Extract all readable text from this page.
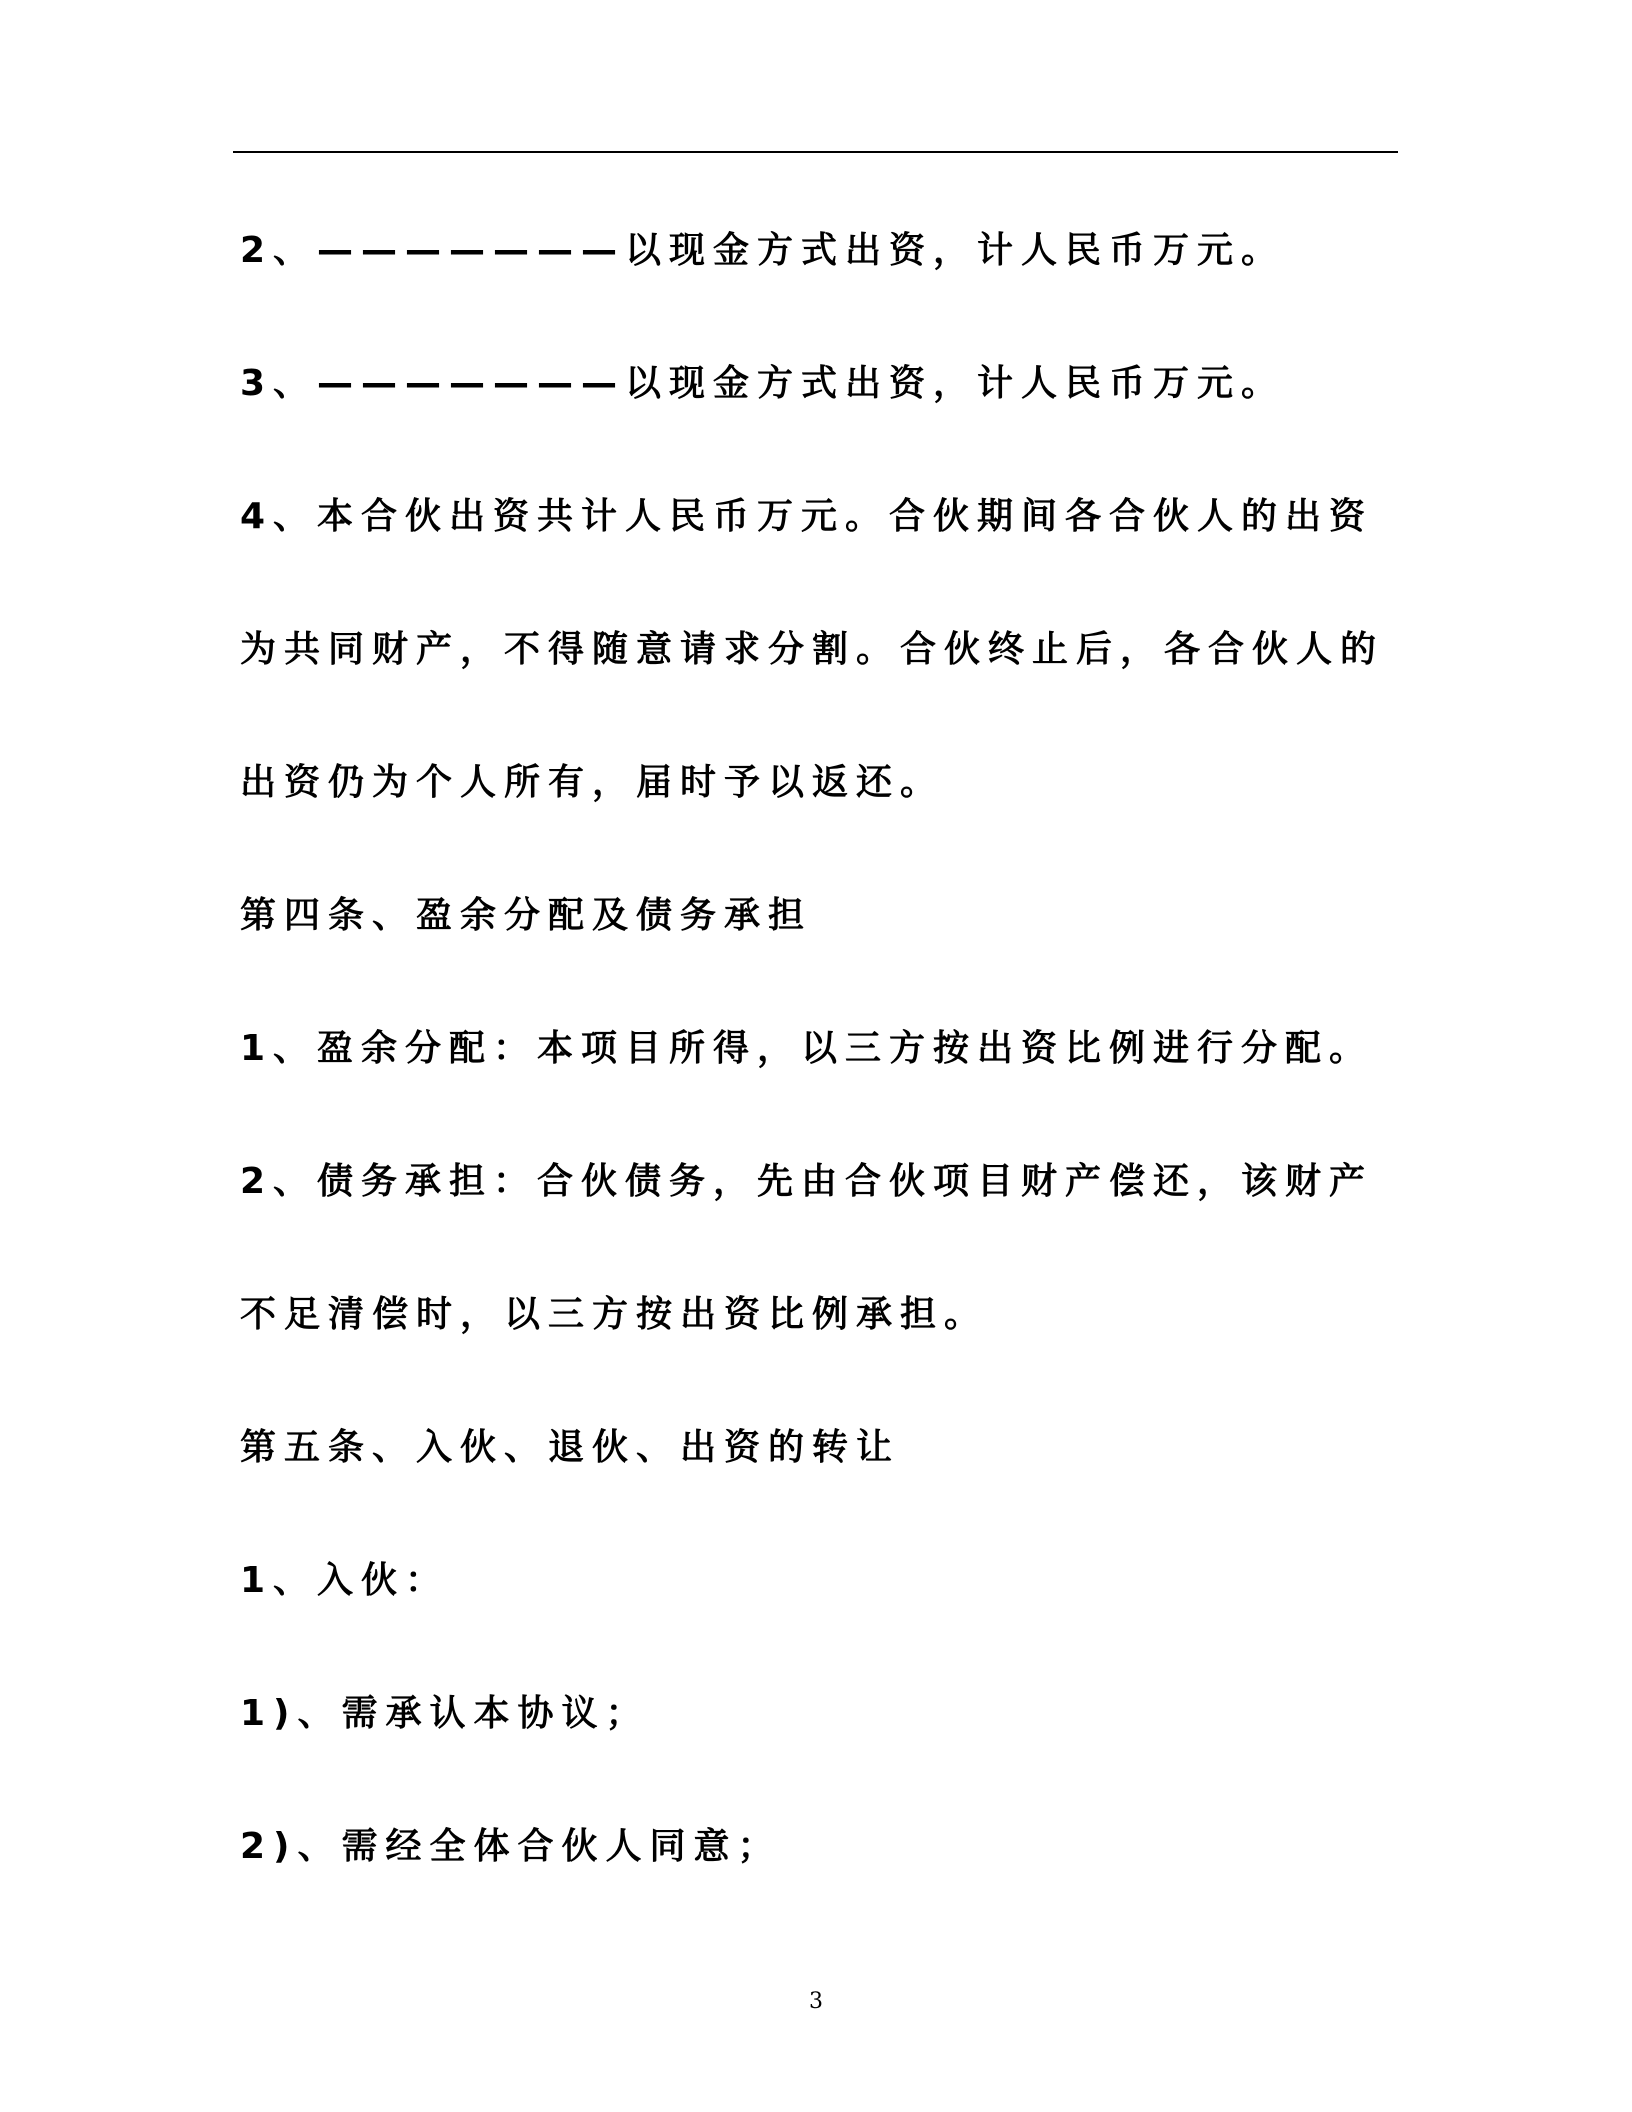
2、———————以现金方式出资，计人民币万元。
3、———————以现金方式出资，计人民币万元。
4、本合伙出资共计人民币万元。合伙期间各合伙人的出资
为共同财产，不得随意请求分割。合伙终止后，各合伙人的
出资仍为个人所有，届时予以返还。
第四条、盈余分配及债务承担
1、盈余分配：本项目所得，以三方按出资比例进行分配。
2、债务承担：合伙债务，先由合伙项目财产偿还，该财产
不足清偿时，以三方按出资比例承担。
第五条、入伙、退伙、出资的转让
1、入伙：
1)、需承认本协议；
2)、需经全体合伙人同意；
3
